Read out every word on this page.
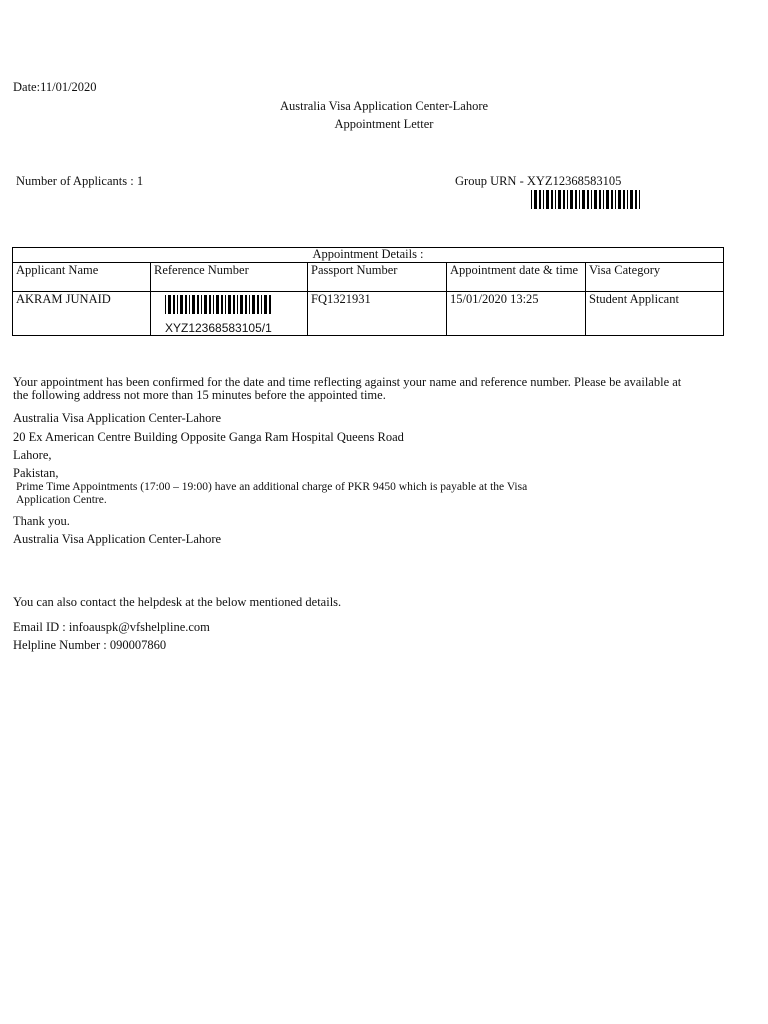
Date:11/01/2020
Australia Visa Application Center-Lahore
Appointment Letter
Number of Applicants : 1	Group URN - XYZ12368583105
Appointment Details :				
Applicant Name	Reference Number	Passport Number	Appointment date & time	Visa Category
AKRAM JUNAID	XYZ12368583105/1	FQ1321931	15/01/2020 13:25	Student Applicant
Your appointment has been confirmed for the date and time reflecting against your name and reference number. Please be available at
the following address not more than 15 minutes before the appointed time.
Australia Visa Application Center-Lahore
20 Ex American Centre Building Opposite Ganga Ram Hospital Queens Road
Lahore,
Pakistan,
Prime Time Appointments (17:00 – 19:00) have an additional charge of PKR 9450 which is payable at the Visa
Application Centre.
Thank you.
Australia Visa Application Center-Lahore
You can also contact the helpdesk at the below mentioned details.
Email ID : infoauspk@vfshelpline.com
Helpline Number : 090007860
